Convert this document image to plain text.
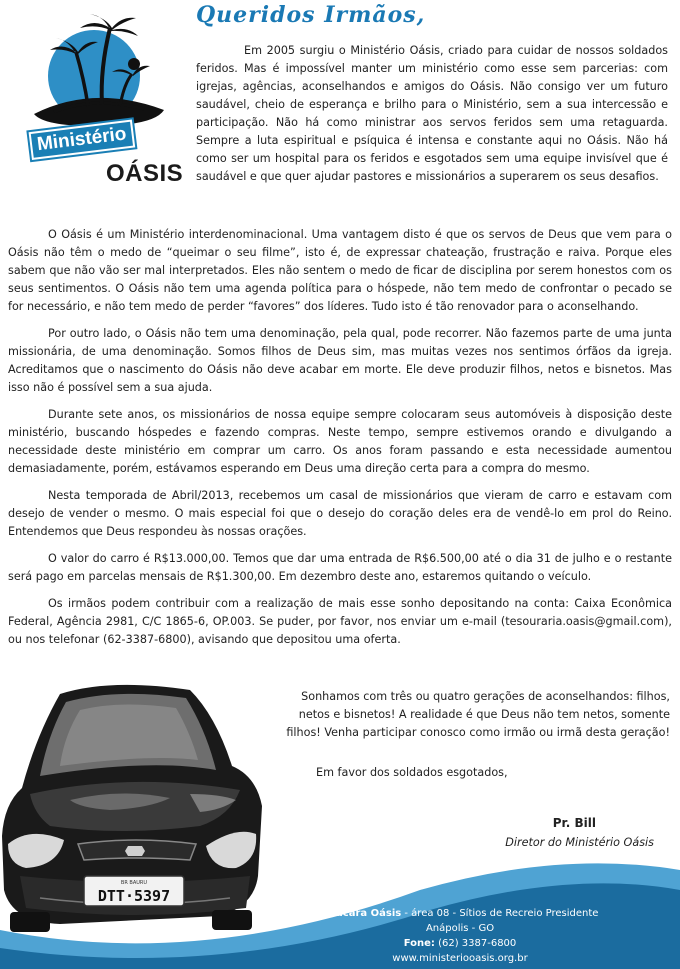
Ministério
OÁSIS
Queridos Irmãos,

Em 2005 surgiu o Ministério Oásis, criado para cuidar de nossos soldados feridos. Mas é impossível manter um ministério como esse sem parcerias: com igrejas, agências, aconselhandos e amigos do Oásis. Não consigo ver um futuro saudável, cheio de esperança e brilho para o Ministério, sem a sua intercessão e participação. Não há como ministrar aos servos feridos sem uma retaguarda. Sempre a luta espiritual e psíquica é intensa e constante aqui no Oásis. Não há como ser um hospital para os feridos e esgotados sem uma equipe invisível que é saudável e que quer ajudar pastores e missionários a superarem os seus desafios.

O Oásis é um Ministério interdenominacional. Uma vantagem disto é que os servos de Deus que vem para o Oásis não têm o medo de “queimar o seu filme”, isto é, de expressar chateação, frustração e raiva. Porque eles sabem que não vão ser mal interpretados. Eles não sentem o medo de ficar de disciplina por serem honestos com os seus sentimentos. O Oásis não tem uma agenda política para o hóspede, não tem medo de confrontar o pecado se for necessário, e não tem medo de perder “favores” dos líderes. Tudo isto é tão renovador para o aconselhando.

Por outro lado, o Oásis não tem uma denominação, pela qual, pode recorrer. Não fazemos parte de uma junta missionária, de uma denominação. Somos filhos de Deus sim, mas muitas vezes nos sentimos órfãos da igreja. Acreditamos que o nascimento do Oásis não deve acabar em morte. Ele deve produzir filhos, netos e bisnetos. Mas isso não é possível sem a sua ajuda.

Durante sete anos, os missionários de nossa equipe sempre colocaram seus automóveis à disposição deste ministério, buscando hóspedes e fazendo compras. Neste tempo, sempre estivemos orando e divulgando a necessidade deste ministério em comprar um carro. Os anos foram passando e esta necessidade aumentou demasiadamente, porém, estávamos esperando em Deus uma direção certa para a compra do mesmo.

Nesta temporada de Abril/2013, recebemos um casal de missionários que vieram de carro e estavam com desejo de vender o mesmo. O mais especial foi que o desejo do coração deles era de vendê-lo em prol do Reino. Entendemos que Deus respondeu às nossas orações.

O valor do carro é R$13.000,00. Temos que dar uma entrada de R$6.500,00 até o dia 31 de julho e o restante será pago em parcelas mensais de R$1.300,00. Em dezembro deste ano, estaremos quitando o veículo.

Os irmãos podem contribuir com a realização de mais esse sonho depositando na conta: Caixa Econômica Federal, Agência 2981, C/C 1865-6, OP.003. Se puder, por favor, nos enviar um e-mail (tesouraria.oasis@gmail.com), ou nos telefonar (62-3387-6800), avisando que depositou uma oferta.

Sonhamos com três ou quatro gerações de aconselhandos: filhos, netos e bisnetos! A realidade é que Deus não tem netos, somente filhos! Venha participar conosco como irmão ou irmã desta geração!

Em favor dos soldados esgotados,

Pr. Bill

Diretor do Ministério Oásis

BR BAURU
DTT·5397
Chácara Oásis - área 08 - Sítios de Recreio Presidente
Anápolis - GO
Fone: (62) 3387-6800
www.ministeriooasis.org.br
